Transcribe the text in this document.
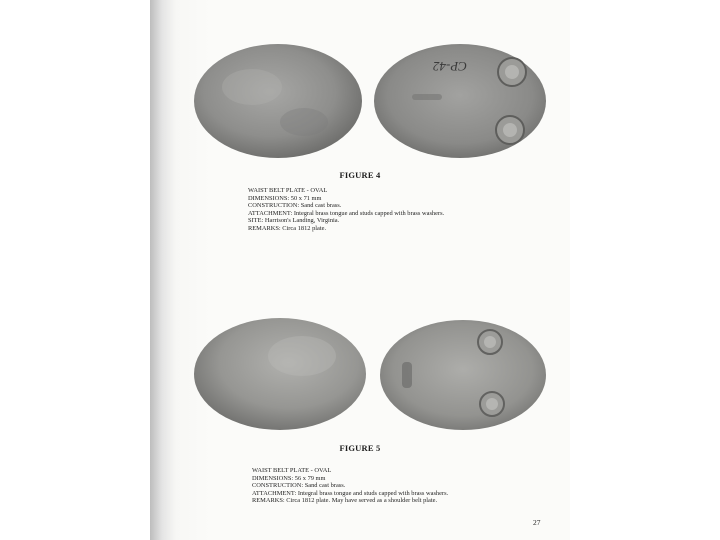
CP-42
FIGURE 4
WAIST BELT PLATE - OVAL
DIMENSIONS: 50 x 71 mm
CONSTRUCTION: Sand cast brass.
ATTACHMENT: Integral brass tongue and studs capped with brass washers.
SITE: Harrison's Landing, Virginia.
REMARKS: Circa 1812 plate.
FIGURE 5
WAIST BELT PLATE - OVAL
DIMENSIONS: 56 x 79 mm
CONSTRUCTION: Sand cast brass.
ATTACHMENT: Integral brass tongue and studs capped with brass washers.
REMARKS: Circa 1812 plate. May have served as a shoulder belt plate.
27
